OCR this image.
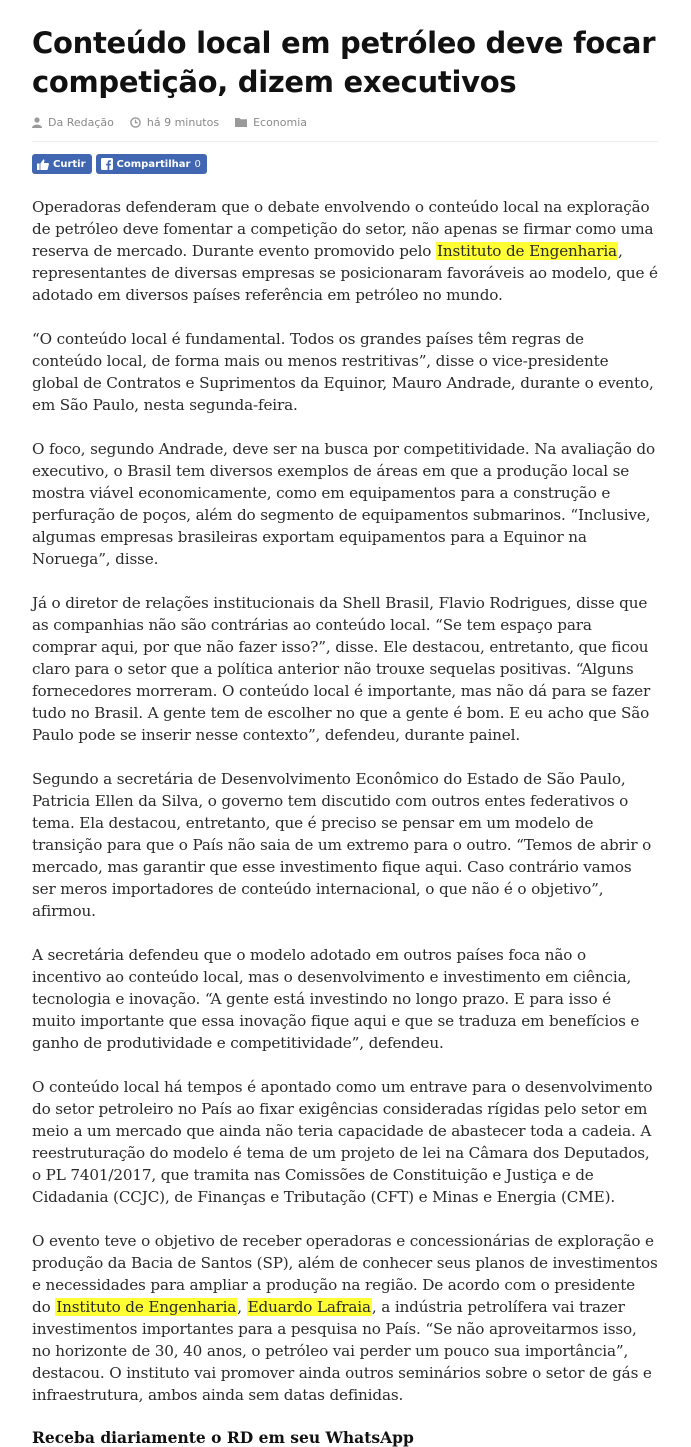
Conteúdo local em petróleo deve focar competição, dizem executivos
Da Redação	há 9 minutos	Economia
Curtir	Compartilhar 0

Operadoras defenderam que o debate envolvendo o conteúdo local na exploração de petróleo deve fomentar a competição do setor, não apenas se firmar como uma reserva de mercado. Durante evento promovido pelo Instituto de Engenharia, representantes de diversas empresas se posicionaram favoráveis ao modelo, que é adotado em diversos países referência em petróleo no mundo.

“O conteúdo local é fundamental. Todos os grandes países têm regras de conteúdo local, de forma mais ou menos restritivas”, disse o vice-presidente global de Contratos e Suprimentos da Equinor, Mauro Andrade, durante o evento, em São Paulo, nesta segunda-feira.

O foco, segundo Andrade, deve ser na busca por competitividade. Na avaliação do executivo, o Brasil tem diversos exemplos de áreas em que a produção local se mostra viável economicamente, como em equipamentos para a construção e perfuração de poços, além do segmento de equipamentos submarinos. “Inclusive, algumas empresas brasileiras exportam equipamentos para a Equinor na Noruega”, disse.

Já o diretor de relações institucionais da Shell Brasil, Flavio Rodrigues, disse que as companhias não são contrárias ao conteúdo local. “Se tem espaço para comprar aqui, por que não fazer isso?”, disse. Ele destacou, entretanto, que ficou claro para o setor que a política anterior não trouxe sequelas positivas. “Alguns fornecedores morreram. O conteúdo local é importante, mas não dá para se fazer tudo no Brasil. A gente tem de escolher no que a gente é bom. E eu acho que São Paulo pode se inserir nesse contexto”, defendeu, durante painel.

Segundo a secretária de Desenvolvimento Econômico do Estado de São Paulo, Patricia Ellen da Silva, o governo tem discutido com outros entes federativos o tema. Ela destacou, entretanto, que é preciso se pensar em um modelo de transição para que o País não saia de um extremo para o outro. “Temos de abrir o mercado, mas garantir que esse investimento fique aqui. Caso contrário vamos ser meros importadores de conteúdo internacional, o que não é o objetivo”, afirmou.

A secretária defendeu que o modelo adotado em outros países foca não o incentivo ao conteúdo local, mas o desenvolvimento e investimento em ciência, tecnologia e inovação. “A gente está investindo no longo prazo. E para isso é muito importante que essa inovação fique aqui e que se traduza em benefícios e ganho de produtividade e competitividade”, defendeu.

O conteúdo local há tempos é apontado como um entrave para o desenvolvimento do setor petroleiro no País ao fixar exigências consideradas rígidas pelo setor em meio a um mercado que ainda não teria capacidade de abastecer toda a cadeia. A reestruturação do modelo é tema de um projeto de lei na Câmara dos Deputados, o PL 7401/2017, que tramita nas Comissões de Constituição e Justiça e de Cidadania (CCJC), de Finanças e Tributação (CFT) e Minas e Energia (CME).

O evento teve o objetivo de receber operadoras e concessionárias de exploração e produção da Bacia de Santos (SP), além de conhecer seus planos de investimentos e necessidades para ampliar a produção na região. De acordo com o presidente do Instituto de Engenharia, Eduardo Lafraia, a indústria petrolífera vai trazer investimentos importantes para a pesquisa no País. “Se não aproveitarmos isso, no horizonte de 30, 40 anos, o petróleo vai perder um pouco sua importância”, destacou. O instituto vai promover ainda outros seminários sobre o setor de gás e infraestrutura, ambos ainda sem datas definidas.

Receba diariamente o RD em seu WhatsApp
